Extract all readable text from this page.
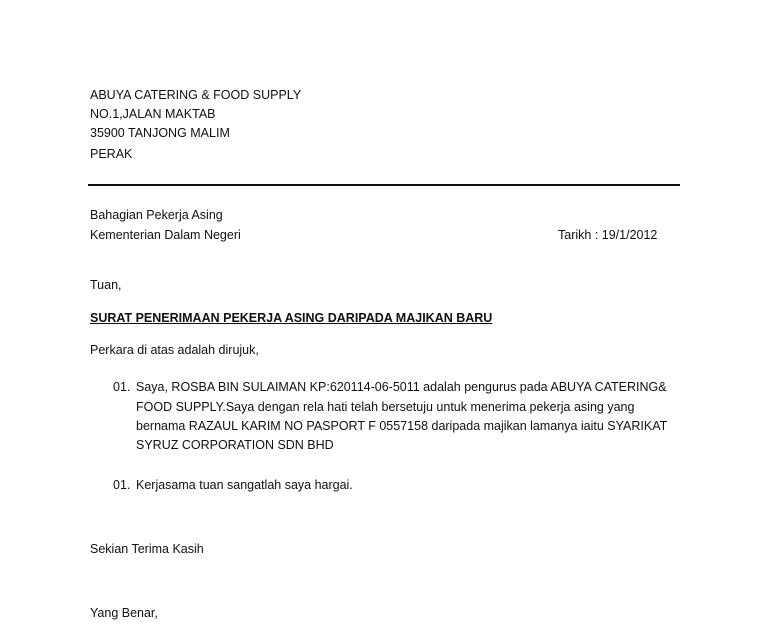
ABUYA CATERING & FOOD SUPPLY
NO.1,JALAN MAKTAB
35900 TANJONG MALIM
PERAK
Bahagian Pekerja Asing
Kementerian Dalam Negeri	Tarikh : 19/1/2012
Tuan,
SURAT PENERIMAAN PEKERJA ASING DARIPADA MAJIKAN BARU
Perkara di atas adalah dirujuk,
01. Saya, ROSBA BIN SULAIMAN KP:620114-06-5011 adalah pengurus pada ABUYA CATERING&
FOOD SUPPLY.Saya dengan rela hati telah bersetuju untuk menerima pekerja asing yang
bernama RAZAUL KARIM NO PASPORT F 0557158 daripada majikan lamanya iaitu SYARIKAT
SYRUZ CORPORATION SDN BHD
01. Kerjasama tuan sangatlah saya hargai.
Sekian Terima Kasih
Yang Benar,
